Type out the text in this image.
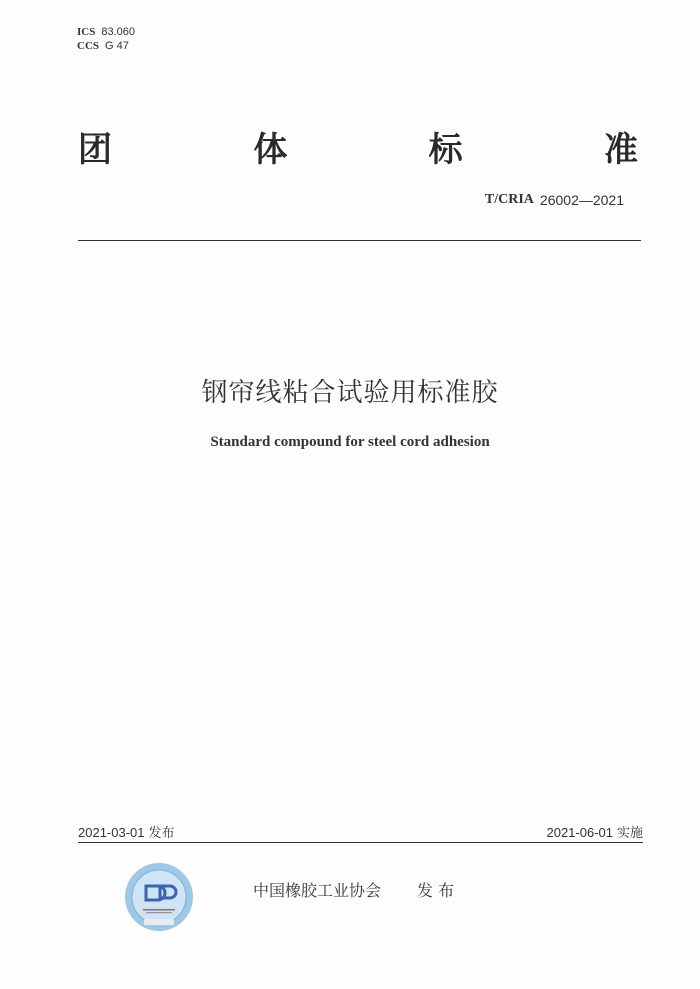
ICS 83.060
CCS G 47
团	体	标	准
T/CRIA 26002—2021
钢帘线粘合试验用标准胶
Standard compound for steel cord adhesion
2021-03-01 发布	2021-06-01 实施
中国橡胶工业协会 发 布
